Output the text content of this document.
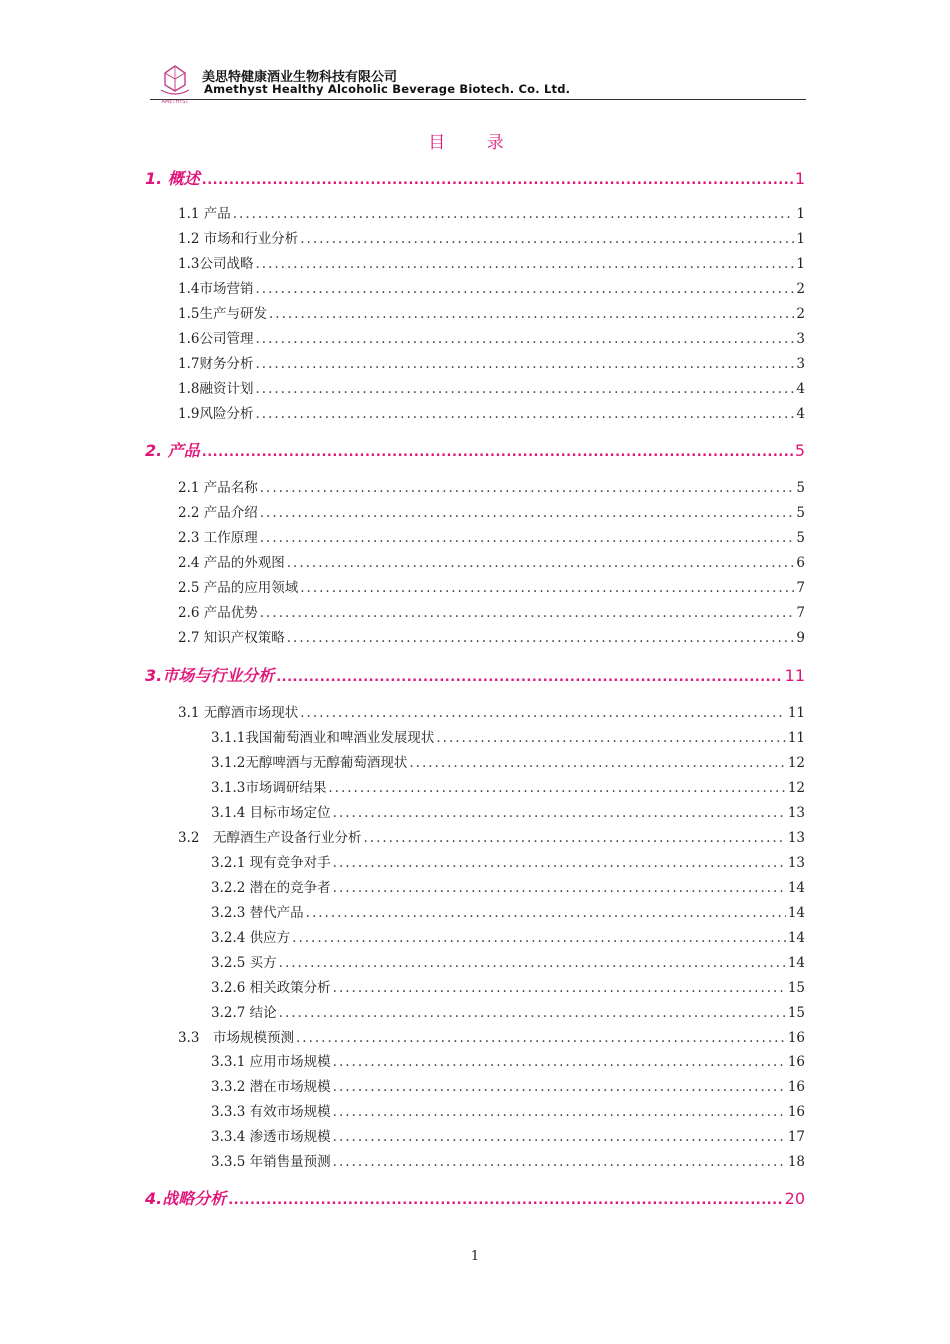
AMETHYST
美思特健康酒业生物科技有限公司
Amethyst Healthy Alcoholic Beverage Biotech. Co. Ltd.
目 录
1. 概述 .....	1
1.1 产品 .....	1
1.2 市场和行业分析 .....	1
1.3公司战略 .....	1
1.4市场营销 .....	2
1.5生产与研发 .....	2
1.6公司管理 .....	3
1.7财务分析 .....	3
1.8融资计划 .....	4
1.9风险分析 .....	4
2. 产品 .....	5
2.1 产品名称 .....	5
2.2 产品介绍 .....	5
2.3 工作原理 .....	5
2.4 产品的外观图 .....	6
2.5 产品的应用领域 .....	7
2.6 产品优势 .....	7
2.7 知识产权策略 .....	9
3.市场与行业分析 .....	11
3.1 无醇酒市场现状 .....	11
3.1.1我国葡萄酒业和啤酒业发展现状 .....	11
3.1.2无醇啤酒与无醇葡萄酒现状 .....	12
3.1.3市场调研结果 .....	12
3.1.4 目标市场定位 .....	13
3.2　无醇酒生产设备行业分析 .....	13
3.2.1 现有竞争对手 .....	13
3.2.2 潜在的竞争者 .....	14
3.2.3 替代产品 .....	14
3.2.4 供应方 .....	14
3.2.5 买方 .....	14
3.2.6 相关政策分析 .....	15
3.2.7 结论 .....	15
3.3　市场规模预测 .....	16
3.3.1 应用市场规模 .....	16
3.3.2 潜在市场规模 .....	16
3.3.3 有效市场规模 .....	16
3.3.4 渗透市场规模 .....	17
3.3.5 年销售量预测 .....	18
4.战略分析 .....	20
1
